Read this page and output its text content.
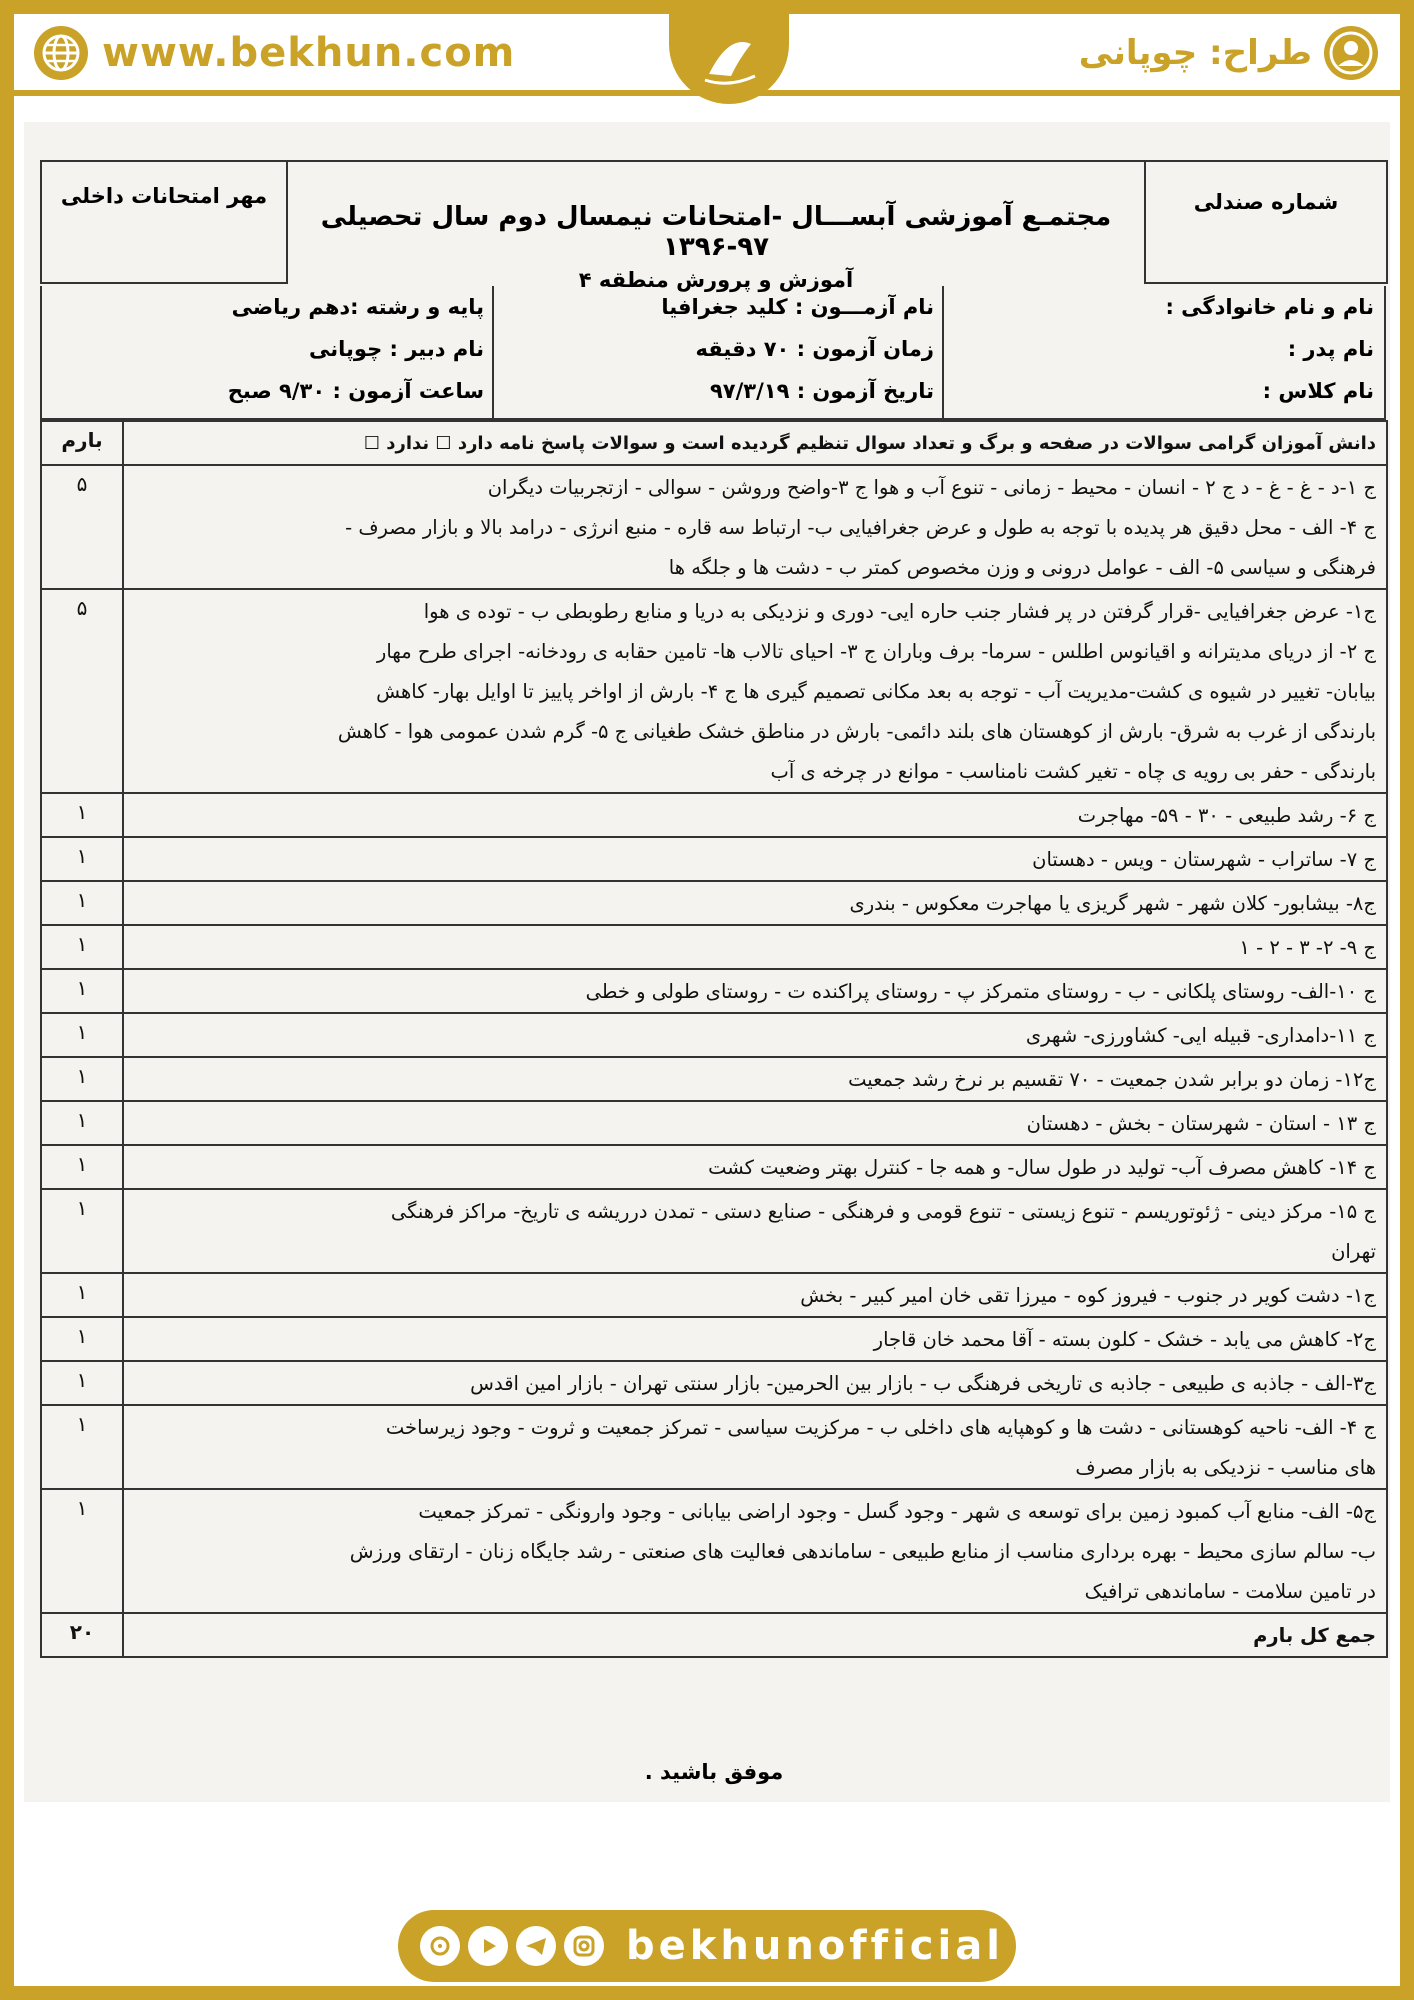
www.bekhun.com	طراح: چوپانی
مهر امتحانات داخلی
مجتمـع آموزشی آبســـال -امتحانات نیمسال دوم سال تحصیلی ۹۷-۱۳۹۶
آموزش و پرورش منطقه ۴
شماره صندلی
نام و نام خانوادگی :
نام پدر :
نام کلاس :
نام آزمـــون : کلید جغرافیا
زمان آزمون : ۷۰ دقیقه
تاریخ آزمون : ۹۷/۳/۱۹
پایه و رشته :دهم ریاضی
نام دبیر : چوپانی
ساعت آزمون : ۹/۳۰ صبح
دانش آموزان گرامی سوالات در صفحه و برگ و تعداد سوال تنظیم گردیده است و سوالات پاسخ نامه دارد ☐ ندارد ☐	بارم

ج ۱-د - غ - غ - د ج ۲ - انسان - محیط - زمانی - تنوع آب و هوا ج ۳-واضح وروشن - سوالی - ازتجربیات دیگران

ج ۴- الف - محل دقیق هر پدیده با توجه به طول و عرض جغرافیایی ب- ارتباط سه قاره - منبع انرژی - درامد بالا و بازار مصرف -

فرهنگی و سیاسی ۵- الف - عوامل درونی و وزن مخصوص کمتر ب - دشت ها و جلگه ها	۵

ج۱- عرض جغرافیایی -قرار گرفتن در پر فشار جنب حاره ایی- دوری و نزدیکی به دریا و منابع رطوبطی ب - توده ی هوا

ج ۲- از دریای مدیترانه و اقیانوس اطلس - سرما- برف وباران ج ۳- احیای تالاب ها- تامین حقابه ی رودخانه- اجرای طرح مهار

بیابان- تغییر در شیوه ی کشت-مدیریت آب - توجه به بعد مکانی تصمیم گیری ها ج ۴- بارش از اواخر پاییز تا اوایل بهار- کاهش

بارندگی از غرب به شرق- بارش از کوهستان های بلند دائمی- بارش در مناطق خشک طغیانی ج ۵- گرم شدن عمومی هوا - کاهش

بارندگی - حفر بی رویه ی چاه - تغیر کشت نامناسب - موانع در چرخه ی آب	۵

ج ۶- رشد طبیعی - ۳۰ - ۵۹- مهاجرت	۱

ج ۷- ساتراب - شهرستان - ویس - دهستان	۱

ج۸- بیشابور- کلان شهر - شهر گریزی یا مهاجرت معکوس - بندری	۱

ج ۹- ۲- ۳ - ۲ - ۱	۱

ج ۱۰-الف- روستای پلکانی - ب - روستای متمرکز پ - روستای پراکنده ت - روستای طولی و خطی	۱

ج ۱۱-دامداری- قبیله ایی- کشاورزی- شهری	۱

ج۱۲- زمان دو برابر شدن جمعیت - ۷۰ تقسیم بر نرخ رشد جمعیت	۱

ج ۱۳ - استان - شهرستان - بخش - دهستان	۱

ج ۱۴- کاهش مصرف آب- تولید در طول سال- و همه جا - کنترل بهتر وضعیت کشت	۱

ج ۱۵- مرکز دینی - ژئوتوریسم - تنوع زیستی - تنوع قومی و فرهنگی - صنایع دستی - تمدن درریشه ی تاریخ- مراکز فرهنگی

تهران	۱

ج۱- دشت کویر در جنوب - فیروز کوه - میرزا تقی خان امیر کبیر - بخش	۱

ج۲- کاهش می یابد - خشک - کلون بسته - آقا محمد خان قاجار	۱

ج۳-الف - جاذبه ی طبیعی - جاذبه ی تاریخی فرهنگی ب - بازار بین الحرمین- بازار سنتی تهران - بازار امین اقدس	۱

ج ۴- الف- ناحیه کوهستانی - دشت ها و کوهپایه های داخلی ب - مرکزیت سیاسی - تمرکز جمعیت و ثروت - وجود زیرساخت

های مناسب - نزدیکی به بازار مصرف	۱

ج۵- الف- منابع آب کمبود زمین برای توسعه ی شهر - وجود گسل - وجود اراضی بیابانی - وجود وارونگی - تمرکز جمعیت

ب- سالم سازی محیط - بهره برداری مناسب از منابع طبیعی - ساماندهی فعالیت های صنعتی - رشد جایگاه زنان - ارتقای ورزش

در تامین سلامت - ساماندهی ترافیک	۱
جمع کل بارم	۲۰
موفق باشید .
bekhunofficial
